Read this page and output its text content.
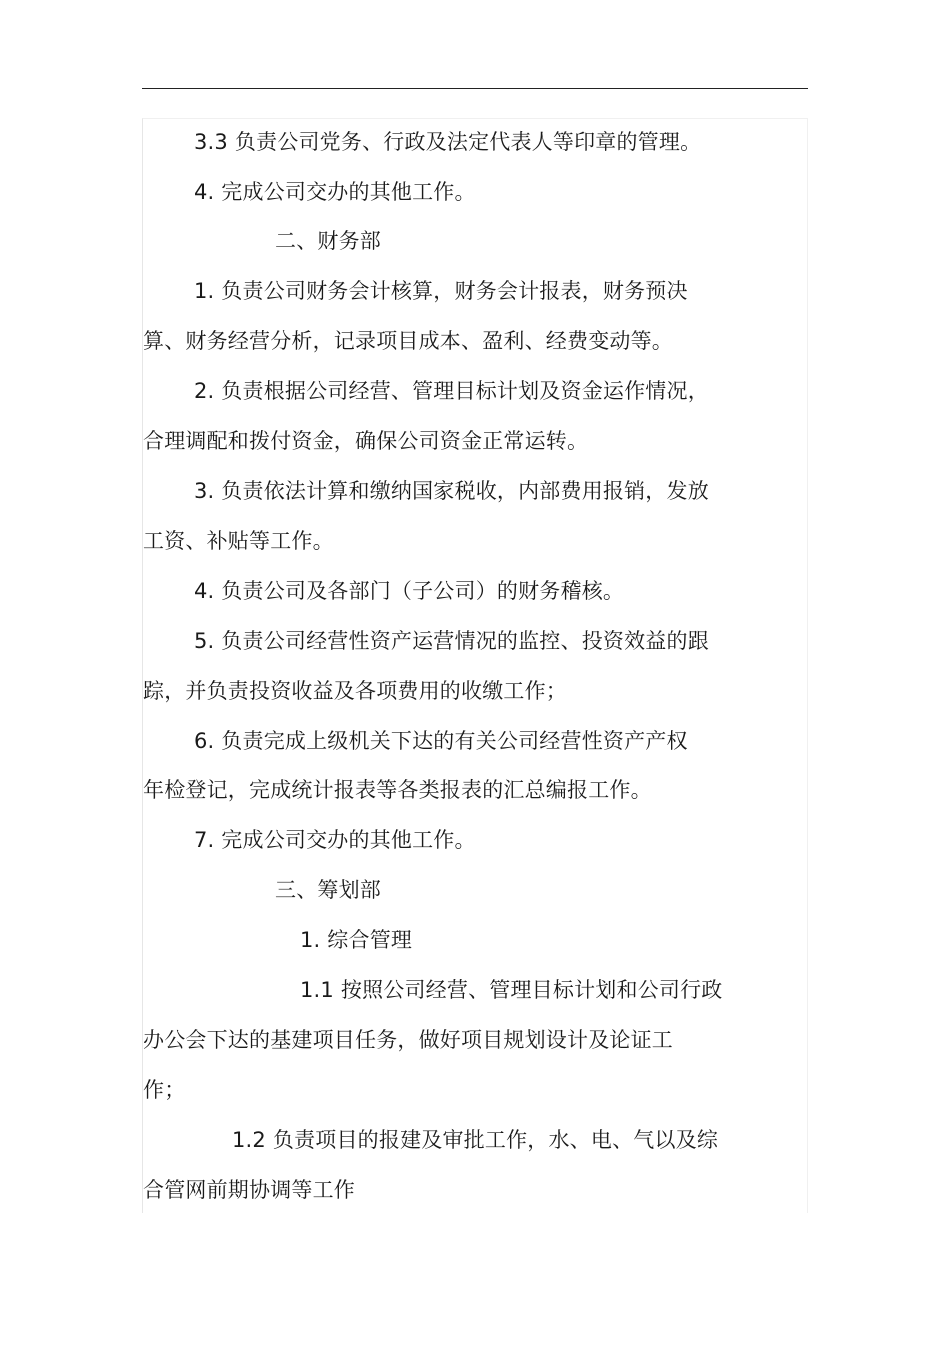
3.3 负责公司党务、行政及法定代表人等印章的管理。
4. 完成公司交办的其他工作。
二、财务部
1. 负责公司财务会计核算，财务会计报表，财务预决
算、财务经营分析，记录项目成本、盈利、经费变动等。
2. 负责根据公司经营、管理目标计划及资金运作情况，
合理调配和拨付资金，确保公司资金正常运转。
3. 负责依法计算和缴纳国家税收，内部费用报销，发放
工资、补贴等工作。
4. 负责公司及各部门（子公司）的财务稽核。
5. 负责公司经营性资产运营情况的监控、投资效益的跟
踪，并负责投资收益及各项费用的收缴工作；
6. 负责完成上级机关下达的有关公司经营性资产产权
年检登记，完成统计报表等各类报表的汇总编报工作。
7. 完成公司交办的其他工作。
三、筹划部
1. 综合管理
1.1 按照公司经营、管理目标计划和公司行政
办公会下达的基建项目任务，做好项目规划设计及论证工
作；
1.2 负责项目的报建及审批工作，水、电、气以及综
合管网前期协调等工作
